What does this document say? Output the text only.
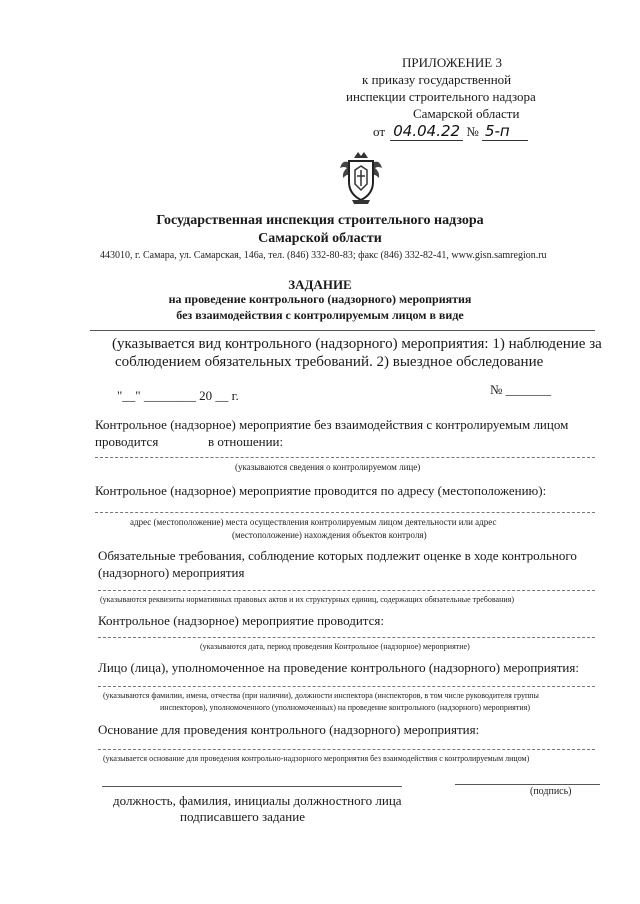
ПРИЛОЖЕНИЕ 3
к приказу государственной
инспекции строительного надзора
Самарской области
от 04.04.22 № 5-п
Государственная инспекция строительного надзора
Самарской области
443010, г. Самара, ул. Самарская, 146а, тел. (846) 332-80-83; факс (846) 332-82-41, www.gisn.samregion.ru
ЗАДАНИЕ
на проведение контрольного (надзорного) мероприятия
без взаимодействия с контролируемым лицом в виде
(указывается вид контрольного (надзорного) мероприятия: 1) наблюдение за
соблюдением обязательных требований. 2) выездное обследование
"__" ________ 20 __ г.	№ _______
Контрольное (надзорное) мероприятие без взаимодействия с контролируемым лицом
проводится	в отношении:
(указываются сведения о контролируемом лице)
Контрольное (надзорное) мероприятие проводится по адресу (местоположению):
адрес (местоположение) места осуществления контролируемым лицом деятельности или адрес
(местоположение) нахождения объектов контроля)
Обязательные требования, соблюдение которых подлежит оценке в ходе контрольного
(надзорного) мероприятия
(указываются реквизиты нормативных правовых актов и их структурных единиц, содержащих обязательные требования)
Контрольное (надзорное) мероприятие проводится:
(указываются дата, период проведения Контрольное (надзорное) мероприятие)
Лицо (лица), уполномоченное на проведение контрольного (надзорного) мероприятия:
(указываются фамилии, имена, отчества (при наличии), должности инспектора (инспекторов, в том числе руководителя группы
инспекторов), уполномоченного (уполномоченных) на проведение контрольного (надзорного) мероприятия)
Основание для проведения контрольного (надзорного) мероприятия:
(указывается основание для проведения контрольно-надзорного мероприятия без взаимодействия с контролируемым лицом)
(подпись)
должность, фамилия, инициалы должностного лица
подписавшего задание
